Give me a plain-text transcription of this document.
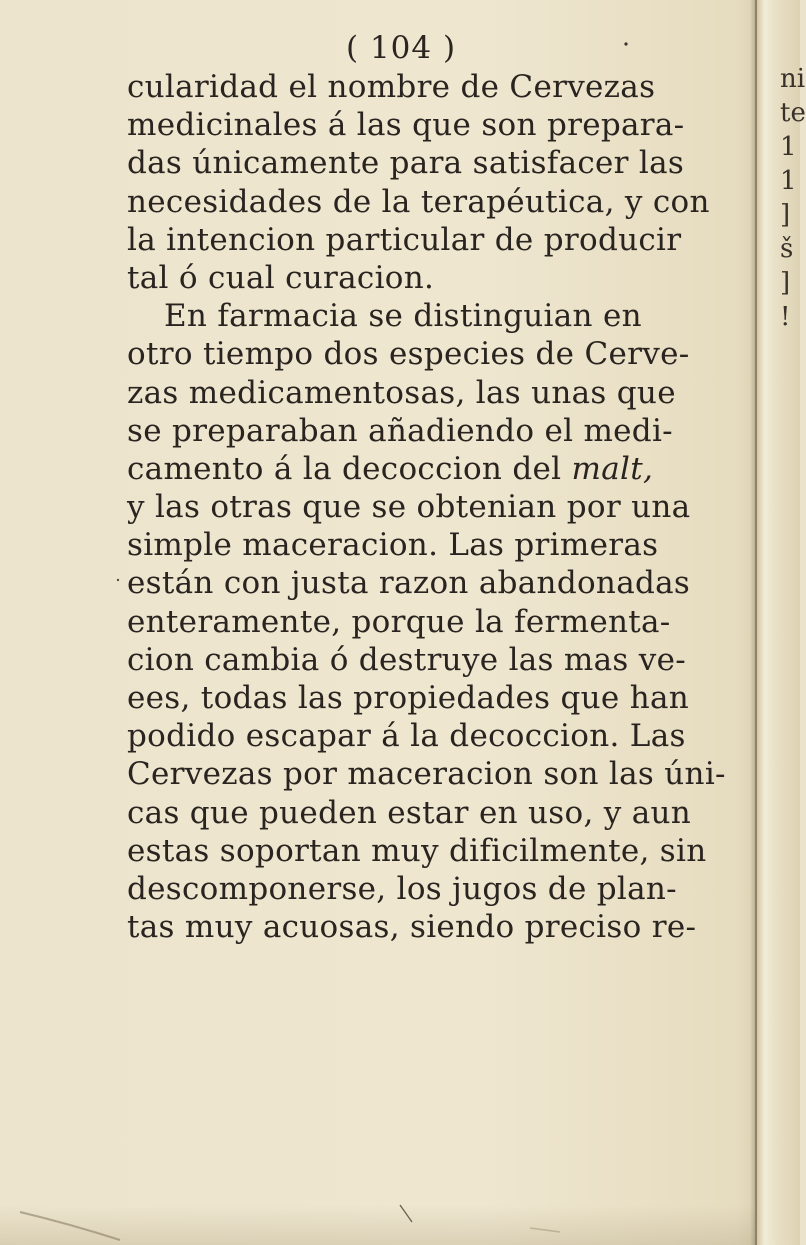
( 104 )
cularidad el nombre de Cervezas
medicinales á las que son prepara-
das únicamente para satisfacer las
necesidades de la terapéutica, y con
la intencion particular de producir
tal ó cual curacion.
En farmacia se distinguian en
otro tiempo dos especies de Cerve-
zas medicamentosas, las unas que
se preparaban añadiendo el medi-
camento á la decoccion del malt,
y las otras que se obtenian por una
simple maceracion. Las primeras
están con justa razon abandonadas
enteramente, porque la fermenta-
cion cambia ó destruye las mas ve-
ees, todas las propiedades que han
podido escapar á la decoccion. Las
Cervezas por maceracion son las úni-
cas que pueden estar en uso, y aun
estas soportan muy dificilmente, sin
descomponerse, los jugos de plan-
tas muy acuosas, siendo preciso re-
ni
te
1
1
]
š
]
!
